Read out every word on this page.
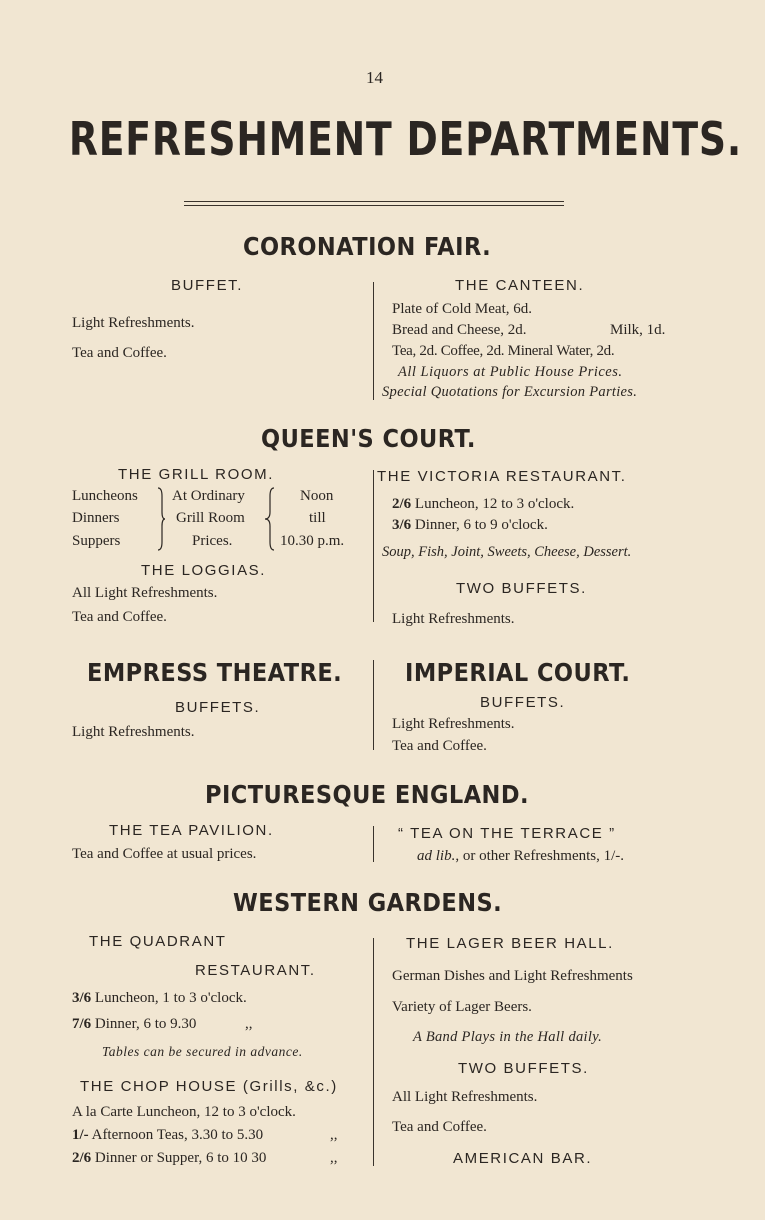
14
REFRESHMENT DEPARTMENTS.
CORONATION FAIR.
BUFFET.
Light Refreshments.
Tea and Coffee.
THE CANTEEN.
Plate of Cold Meat, 6d.
Bread and Cheese, 2d.	Milk, 1d.
Tea, 2d. Coffee, 2d. Mineral Water, 2d.
All Liquors at Public House Prices.
Special Quotations for Excursion Parties.
QUEEN'S COURT.
THE GRILL ROOM.
Luncheons
Dinners
Suppers
At Ordinary
Grill Room
Prices.
Noon
till
10.30 p.m.
THE LOGGIAS.
All Light Refreshments.
Tea and Coffee.
THE VICTORIA RESTAURANT.
2/6 Luncheon, 12 to 3 o'clock.
3/6 Dinner, 6 to 9 o'clock.
Soup, Fish, Joint, Sweets, Cheese, Dessert.
TWO BUFFETS.
Light Refreshments.
EMPRESS THEATRE.
BUFFETS.
Light Refreshments.
IMPERIAL COURT.
BUFFETS.
Light Refreshments.
Tea and Coffee.
PICTURESQUE ENGLAND.
THE TEA PAVILION.
Tea and Coffee at usual prices.
“ TEA ON THE TERRACE ”
ad lib., or other Refreshments, 1/-.
WESTERN GARDENS.
THE QUADRANT
RESTAURANT.
3/6 Luncheon, 1 to 3 o'clock.
7/6 Dinner, 6 to 9.30	,,
Tables can be secured in advance.
THE CHOP HOUSE (Grills, &c.)
A la Carte Luncheon, 12 to 3 o'clock.
1/- Afternoon Teas, 3.30 to 5.30	,,
2/6 Dinner or Supper, 6 to 10 30	,,
THE LAGER BEER HALL.
German Dishes and Light Refreshments
Variety of Lager Beers.
A Band Plays in the Hall daily.
TWO BUFFETS.
All Light Refreshments.
Tea and Coffee.
AMERICAN BAR.
